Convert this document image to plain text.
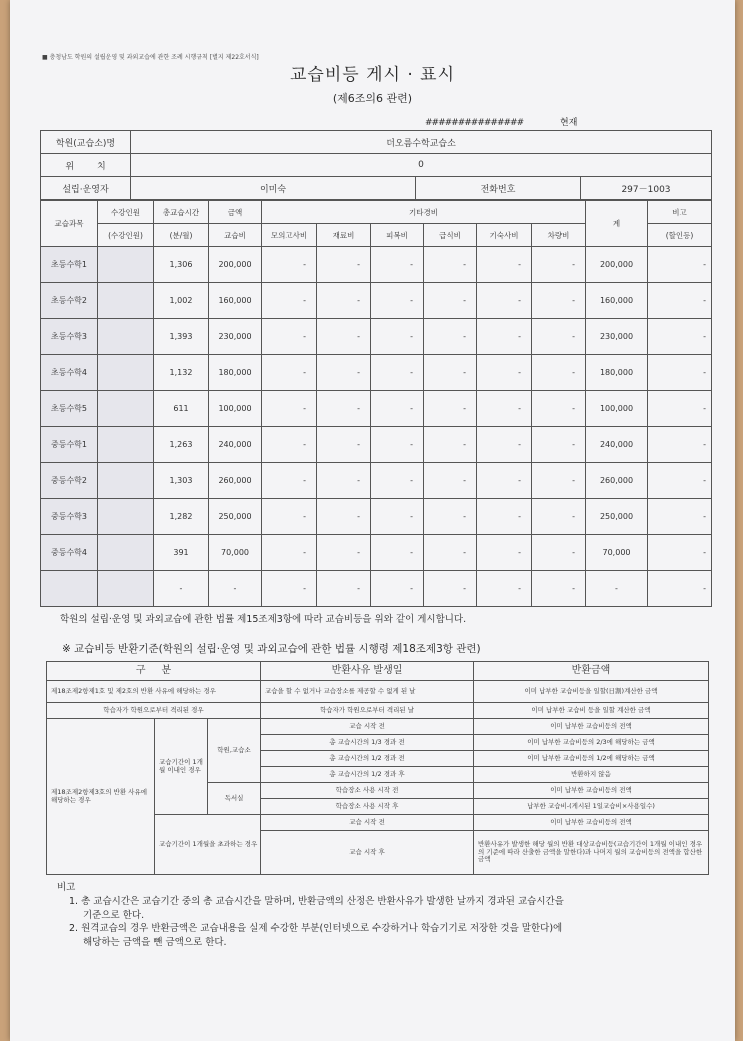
■ 충청남도 학원의 설립운영 및 과외교습에 관한 조례 시행규칙 [별지 제22호서식]
교습비등 게시 · 표시
(제6조의6 관련)
###############	현재
학원(교습소)명	더오름수학교습소		
위        치	0		
설립·운영자	이미숙	전화번호	297－1003
교습과목	수강인원	총교습시간	금액	기타경비						계	비고
	(수강인원)	(분/월)	교습비	모의고사비	재료비	피복비	급식비	기숙사비	차량비		(할인등)
초등수학1		1,306	200,000	-	-	-	-	-	-	200,000	-
초등수학2		1,002	160,000	-	-	-	-	-	-	160,000	-
초등수학3		1,393	230,000	-	-	-	-	-	-	230,000	-
초등수학4		1,132	180,000	-	-	-	-	-	-	180,000	-
초등수학5		611	100,000	-	-	-	-	-	-	100,000	-
중등수학1		1,263	240,000	-	-	-	-	-	-	240,000	-
중등수학2		1,303	260,000	-	-	-	-	-	-	260,000	-
중등수학3		1,282	250,000	-	-	-	-	-	-	250,000	-
중등수학4		391	70,000	-	-	-	-	-	-	70,000	-
		-	-	-	-	-	-	-	-	-	-
학원의 설립·운영 및 과외교습에 관한 법률 제15조제3항에 따라 교습비등을 위와 같이 게시합니다.
※ 교습비등 반환기준(학원의 설립·운영 및 과외교습에 관한 법률 시행령 제18조제3항 관련)
구     분			반환사유 발생일	반환금액
제18조제2항제1호 및 제2호의 반환 사유에 해당하는 경우			교습을 할 수 없거나 교습장소를 제공할 수 없게 된 날	이미 납부한 교습비등을 일할(日割)계산한 금액
학습자가 학원으로부터 격리된 경우			학습자가 학원으로부터 격리된 날	이미 납부한 교습비 등을 일할 계산한 금액
제18조제2항제3호의 반환 사유에 해당하는 경우	교습기간이 1개월 이내인 경우	학원,교습소	교습 시작 전	이미 납부한 교습비등의 전액
			총 교습시간의 1/3 경과 전	이미 납부한 교습비등의 2/3에 해당하는 금액
			총 교습시간의 1/2 경과 전	이미 납부한 교습비등의 1/2에 해당하는 금액
			총 교습시간의 1/2 경과 후	반환하지 않음
		독서실	학습장소 사용 시작 전	이미 납부한 교습비등의 전액
			학습장소 사용 시작 후	납부한 교습비-(게시된 1일교습비×사용일수)
	교습기간이 1개월을 초과하는 경우		교습 시작 전	이미 납부한 교습비등의 전액
			교습 시작 후	반환사유가 발생한 해당 월의 반환 대상교습비등(교습기간이 1개월 이내인 경우의 기준에 따라 산출한 금액을 말한다)과 나머지 월의 교습비등의 전액을 합산한 금액
비고
1. 총 교습시간은 교습기간 중의 총 교습시간을 말하며, 반환금액의 산정은 반환사유가 발생한 날까지 경과된 교습시간을
기준으로 한다.
2. 원격교습의 경우 반환금액은 교습내용을 실제 수강한 부분(인터넷으로 수강하거나 학습기기로 저장한 것을 말한다)에
해당하는 금액을 뺀 금액으로 한다.
